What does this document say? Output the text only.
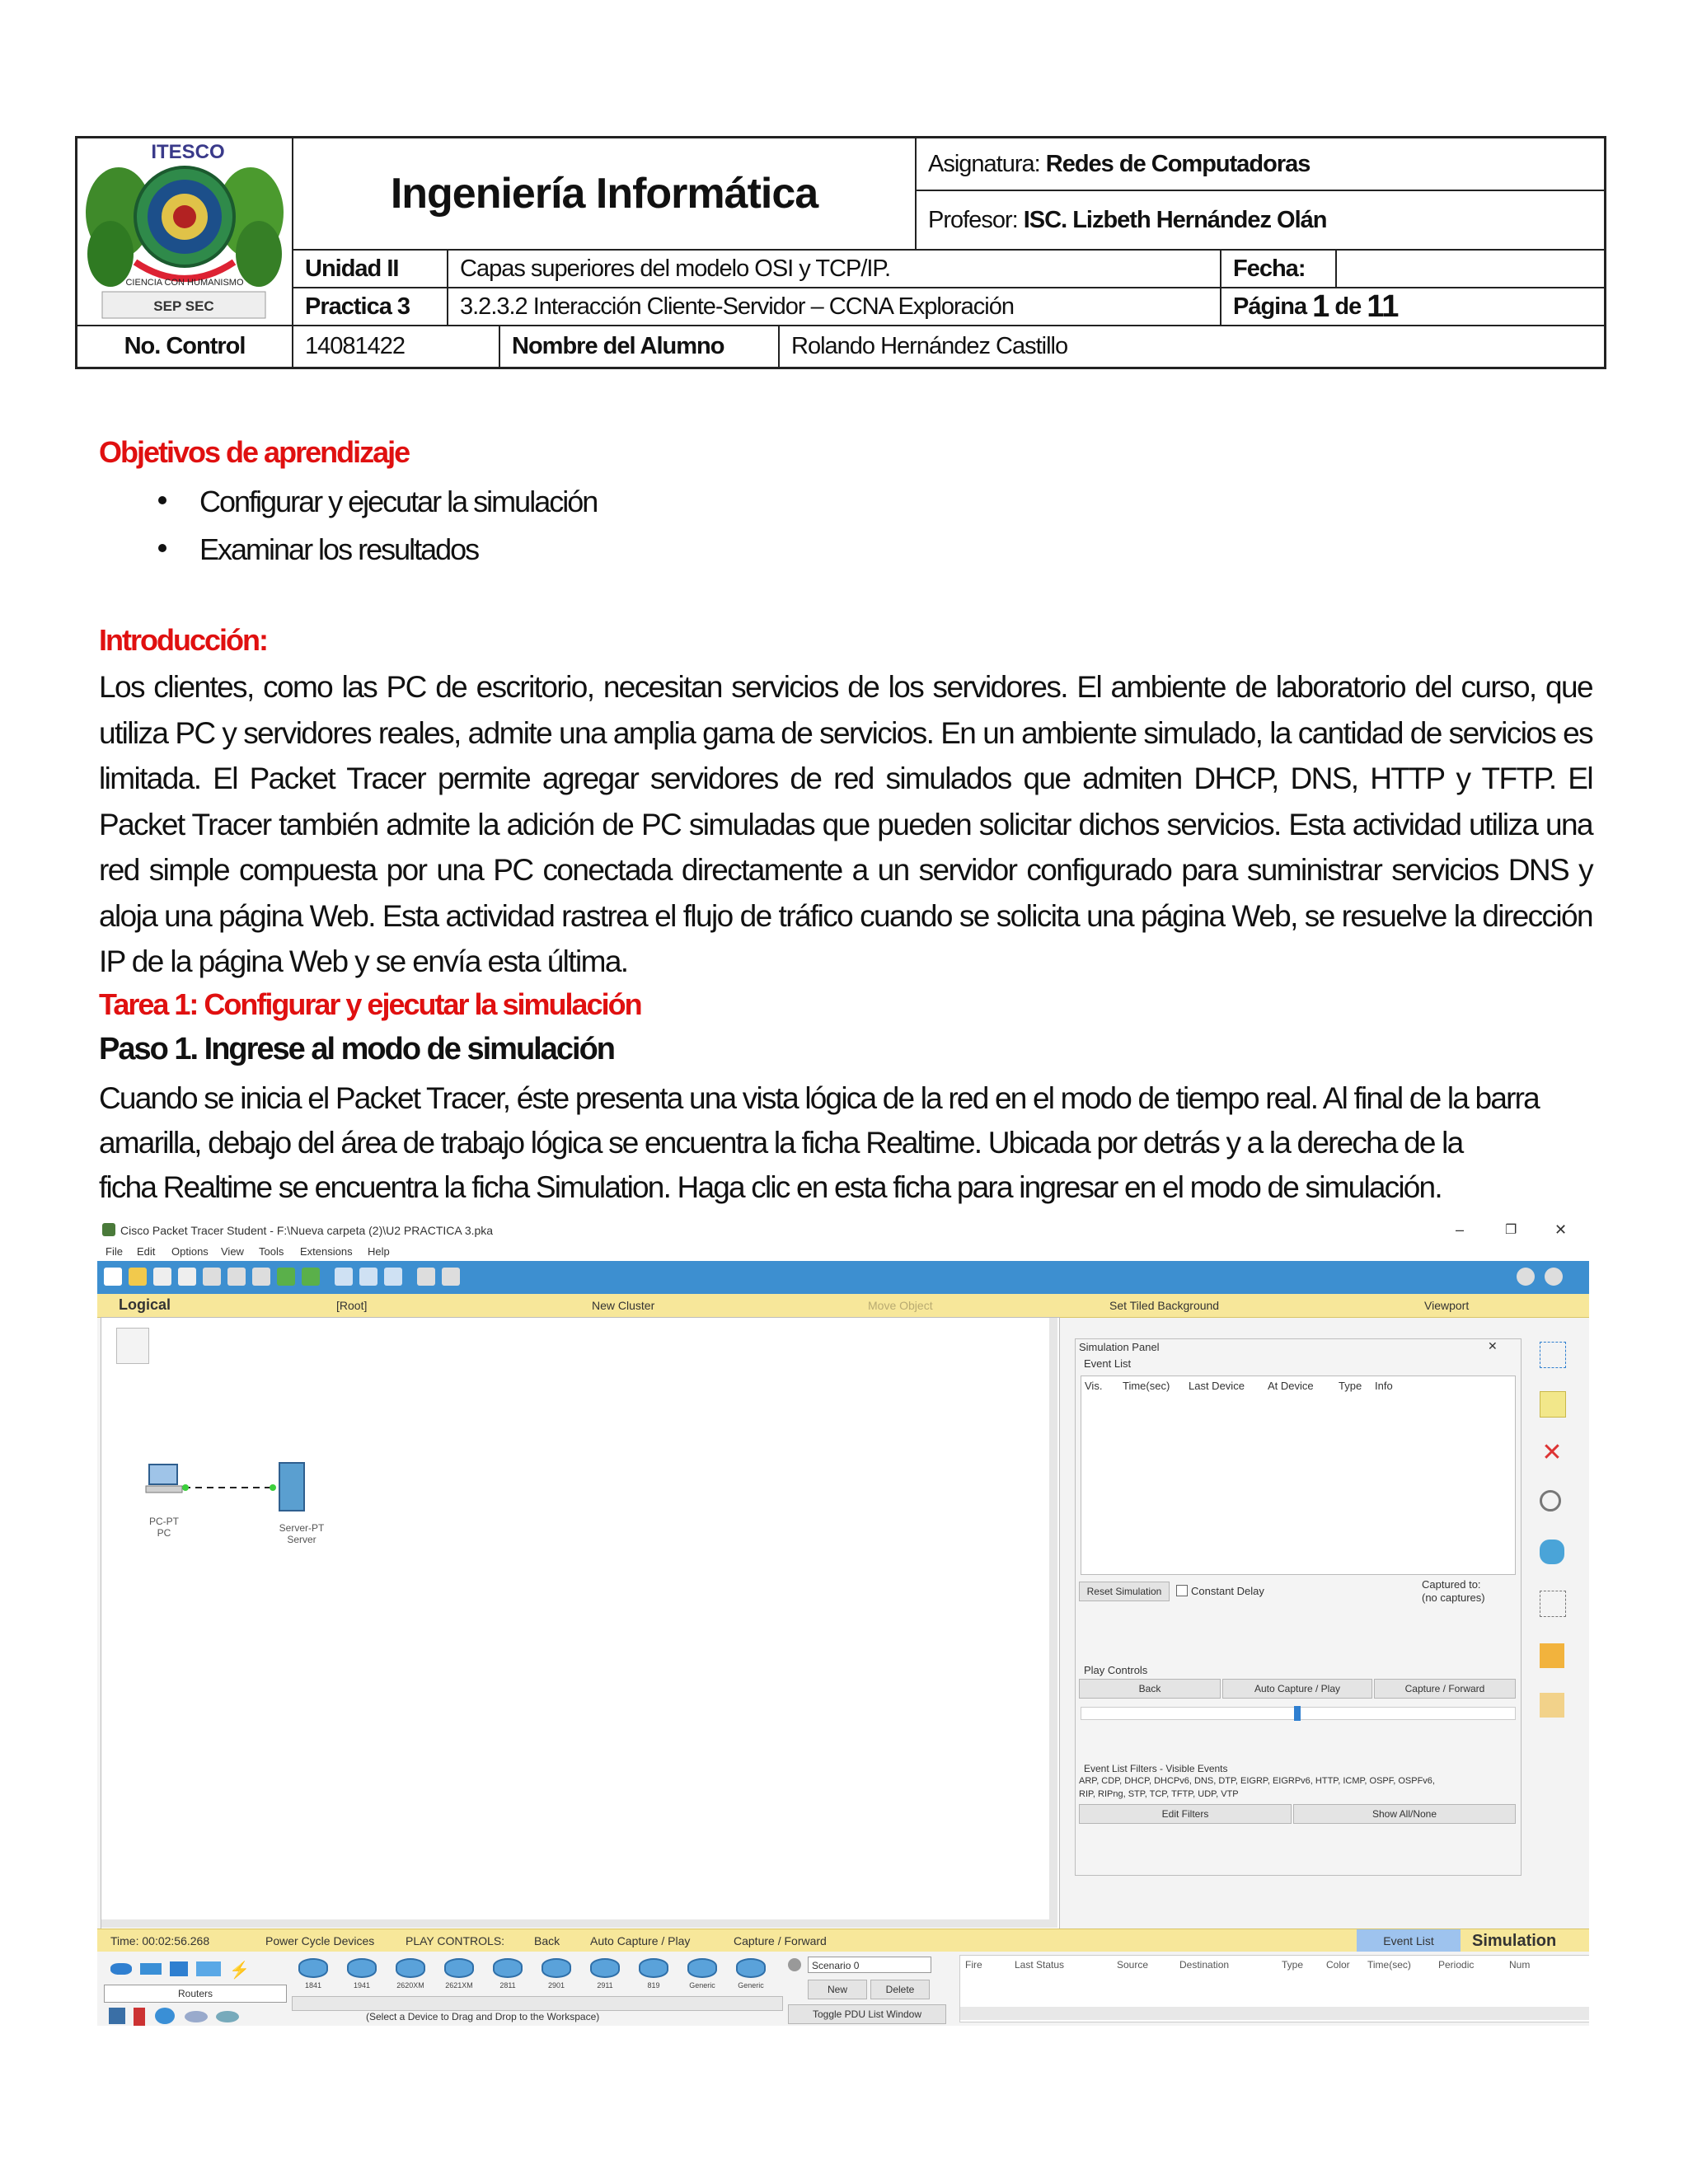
ITESCO
CIENCIA CON HUMANISMO
SEP SEC
Ingeniería Informática
Asignatura:
Redes de Computadoras
Profesor:
ISC. Lizbeth Hernández Olán
Unidad II	Capas superiores del modelo OSI y TCP/IP.	Fecha:
Practica 3	3.2.3.2 Interacción Cliente-Servidor – CCNA Exploración	Página
1
de
11
No. Control	14081422	Nombre del Alumno	Rolando Hernández Castillo
Objetivos de aprendizaje
Configurar y ejecutar la simulación
Examinar los resultados
Introducción:
Los clientes, como las PC de escritorio, necesitan servicios de los servidores. El ambiente de laboratorio del curso, que utiliza PC y servidores reales, admite una amplia gama de servicios. En un ambiente simulado, la cantidad de servicios es limitada. El Packet Tracer permite agregar servidores de red simulados que admiten DHCP, DNS, HTTP y TFTP. El Packet Tracer también admite la adición de PC simuladas que pueden solicitar dichos servicios. Esta actividad utiliza una red simple compuesta por una PC conectada directamente a un servidor configurado para suministrar servicios DNS y aloja una página Web. Esta actividad rastrea el flujo de tráfico cuando se solicita una página Web, se resuelve la dirección IP de la página Web y se envía esta última.
Tarea 1: Configurar y ejecutar la simulación
Paso 1. Ingrese al modo de simulación
Cuando se inicia el Packet Tracer, éste presenta una vista lógica de la red en el modo de tiempo real. Al final de la barra
amarilla, debajo del área de trabajo lógica se encuentra la ficha Realtime. Ubicada por detrás y a la derecha de la
ficha Realtime se encuentra la ficha Simulation. Haga clic en esta ficha para ingresar en el modo de simulación.
Cisco Packet Tracer Student - F:\Nueva carpeta (2)\U2 PRACTICA 3.pka	–	❐	✕
File Edit Options View Tools Extensions Help
Logical	[Root]	New Cluster	Move Object	Set Tiled Background	Viewport
PC-PT
PC	Server-PT
Server
Simulation Panel	✕
Event List
Vis. Time(sec) Last Device At Device Type Info
Reset Simulation	Constant Delay
Captured to:
(no captures)
Play Controls
Back	Auto Capture / Play	Capture / Forward
Event List Filters - Visible Events
ARP, CDP, DHCP, DHCPv6, DNS, DTP, EIGRP, EIGRPv6, HTTP, ICMP, OSPF, OSPFv6,
RIP, RIPng, STP, TCP, TFTP, UDP, VTP
Edit Filters	Show All/None
✕
Time: 00:02:56.268	Power Cycle Devices	PLAY CONTROLS:	Back	Auto Capture / Play	Capture / Forward	Event List	Simulation
⚡
Routers
1841	1941	2620XM	2621XM	2811	2901	2911	819	Generic	Generic
(Select a Device to Drag and Drop to the Workspace)
Scenario 0
New	Delete
Toggle PDU List Window
Fire	Last Status	Source	Destination	Type Color Time(sec)	Periodic	Num
